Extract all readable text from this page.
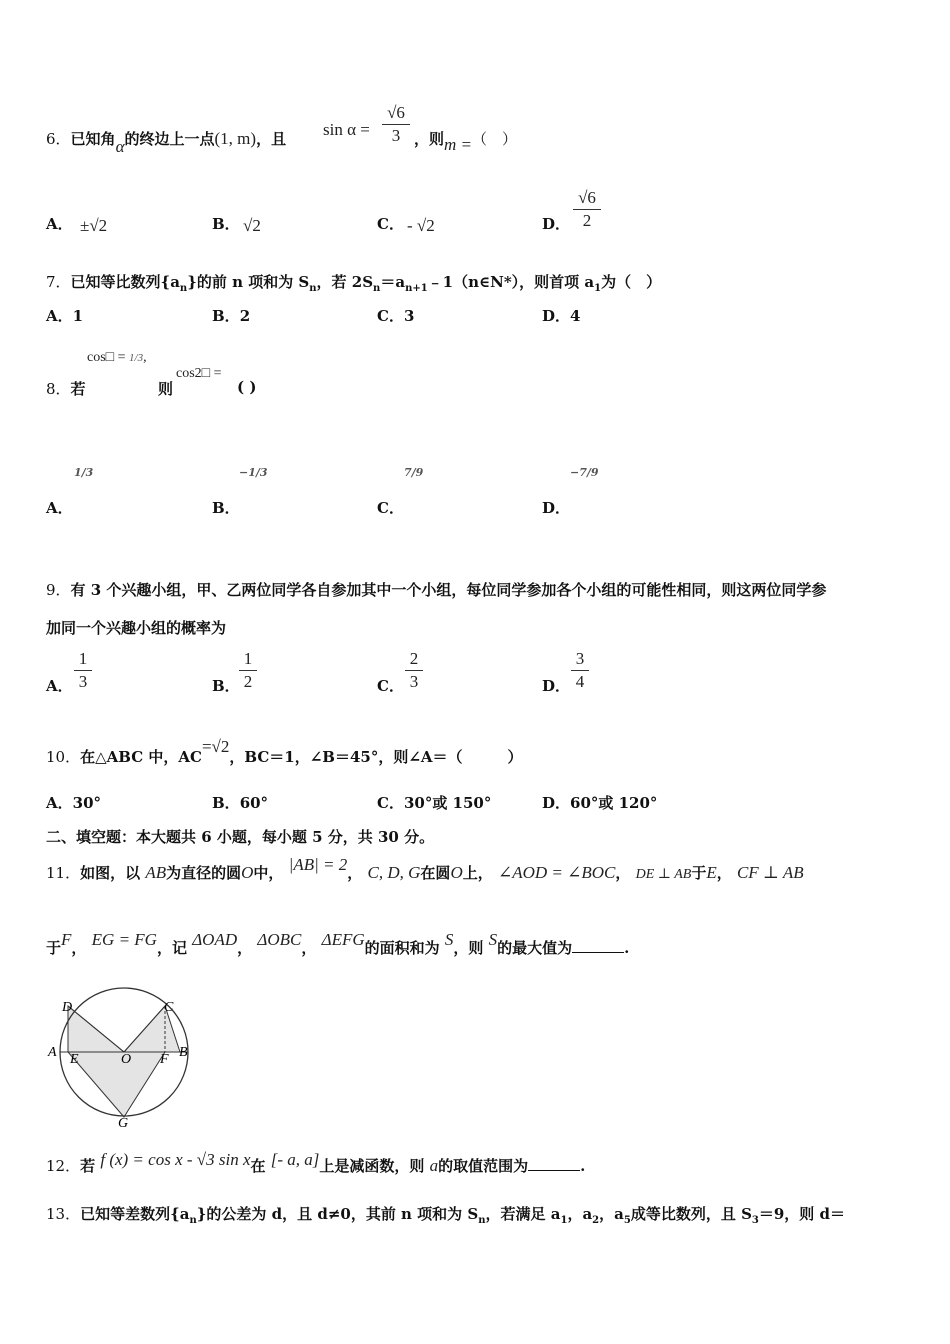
6．已知角α的终边上一点(1, m)，且 sin α =
√6
3 ，则m =（　）
A． ±√2	B． √2	C． - √2	D．
√6
2
7．已知等比数列$\{a_n\}$的前 n 项和为 $S_n$，若 $2S_n=a_{n+1}﹣1(n\in N*)$，则首项 $a_1$为（　）
A．1	B．2	C．3	D．4
8．若
cos□ = 1/3,
则
cos2□ =
( )
A．
1/3
B．
−1/3
C．
7/9
D．
−7/9
9．有 3 个兴趣小组，甲、乙两位同学各自参加其中一个小组，每位同学参加各个小组的可能性相同，则这两位同学参
加同一个兴趣小组的概率为
A．
1
3	B．
1
2	C．
2
3	D．
3
4
10．在△ABC 中，AC=√2，BC＝1，∠B＝45°，则∠A＝（　　　）
A．30°	B．60°	C．30°或 150°	D．60°或 120°
二、填空题：本大题共 6 小题，每小题 5 分，共 30 分。
11．如图，以 AB为直径的圆O中， |AB| = 2， C, D, G在圆O上， ∠AOD = ∠BOC， DE ⊥ AB于E， CF ⊥ AB
于F， EG = FG，记 ΔOAD， ΔOBC， ΔEFG的面积和为 S，则 S的最大值为	.
D	C
A E	O F B
G
12．若 f (x) = cos x - √3 sin x在 [- a, a]上是减函数，则 a的取值范围为	.
13．已知等差数列$\{a_n\}$的公差为 d，且 d≠0，其前 n 项和为 $S_n$，若满足 $a_1$，$a_2$，$a_5$成等比数列，且 $S_3=9$，则 d＝
